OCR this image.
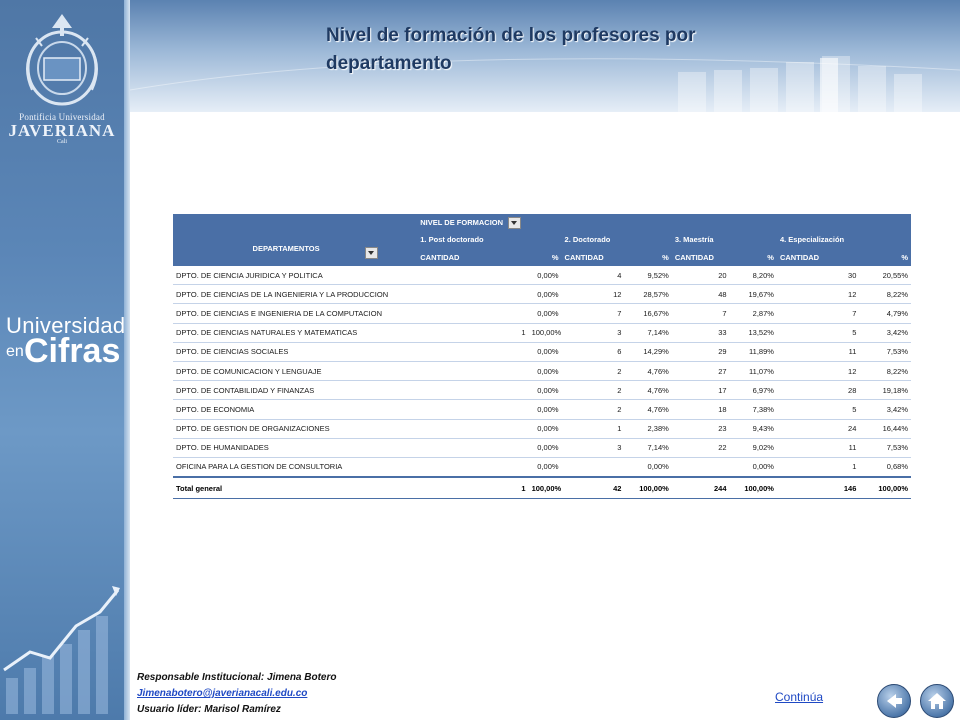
Pontificia Universidad
JAVERIANA
Cali
Universidad
en Cifras
Nivel de formación de los profesores por
departamento
	NIVEL DE FORMACION							
DEPARTAMENTOS	1. Post doctorado		2. Doctorado		3. Maestría		4. Especialización	
	CANTIDAD	%	CANTIDAD	%	CANTIDAD	%	CANTIDAD	%
DPTO. DE CIENCIA JURIDICA Y POLITICA		0,00%	4	9,52%	20	8,20%	30	20,55%
DPTO. DE CIENCIAS DE LA INGENIERIA Y LA PRODUCCION		0,00%	12	28,57%	48	19,67%	12	8,22%
DPTO. DE CIENCIAS E INGENIERIA DE LA COMPUTACION		0,00%	7	16,67%	7	2,87%	7	4,79%
DPTO. DE CIENCIAS NATURALES Y MATEMATICAS	1	100,00%	3	7,14%	33	13,52%	5	3,42%
DPTO. DE CIENCIAS SOCIALES		0,00%	6	14,29%	29	11,89%	11	7,53%
DPTO. DE COMUNICACION Y LENGUAJE		0,00%	2	4,76%	27	11,07%	12	8,22%
DPTO. DE CONTABILIDAD Y FINANZAS		0,00%	2	4,76%	17	6,97%	28	19,18%
DPTO. DE ECONOMIA		0,00%	2	4,76%	18	7,38%	5	3,42%
DPTO. DE GESTION DE ORGANIZACIONES		0,00%	1	2,38%	23	9,43%	24	16,44%
DPTO. DE HUMANIDADES		0,00%	3	7,14%	22	9,02%	11	7,53%
OFICINA PARA LA GESTION DE CONSULTORIA		0,00%		0,00%		0,00%	1	0,68%
Total general	1	100,00%	42	100,00%	244	100,00%	146	100,00%
Responsable Institucional: Jimena Botero
Jimenabotero@javerianacali.edu.co
Usuario líder: Marisol Ramírez
Continúa
